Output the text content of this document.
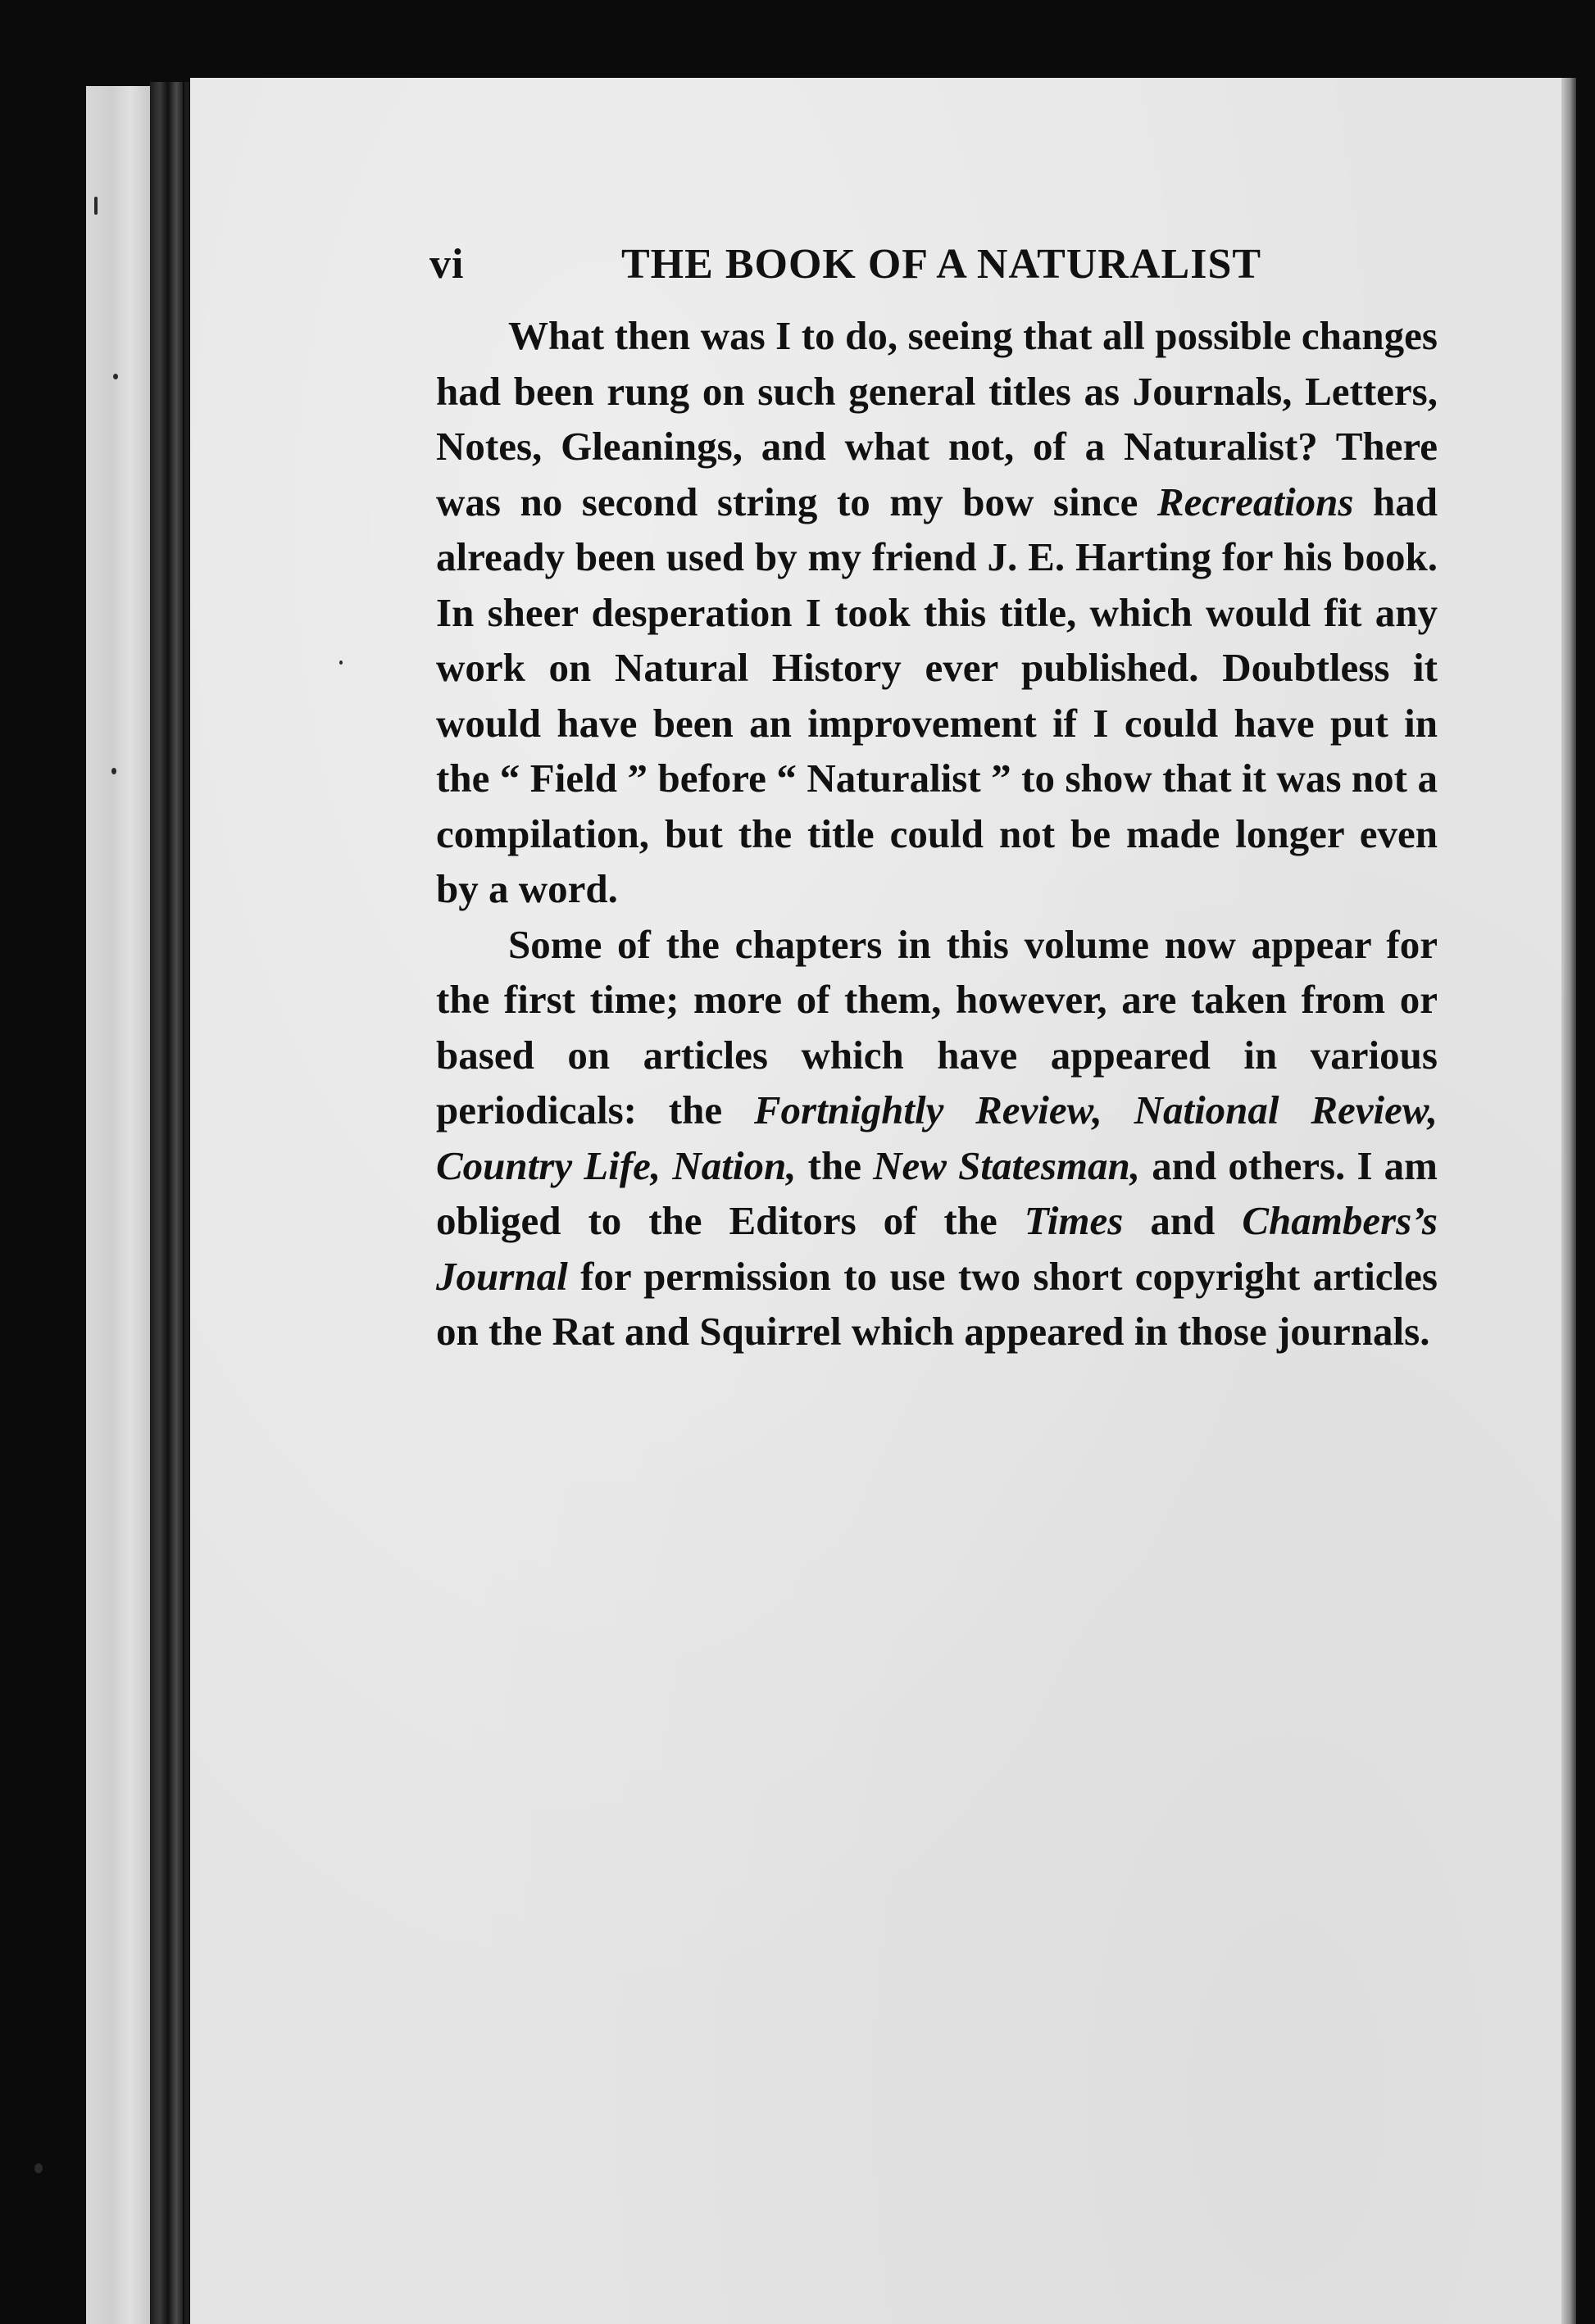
vi	THE BOOK OF A NATURALIST

What then was I to do, seeing that all possible changes had been rung on such general titles as Journals, Letters, Notes, Gleanings, and what not, of a Naturalist? There was no second string to my bow since Recreations had already been used by my friend J. E. Harting for his book. In sheer desperation I took this title, which would fit any work on Natural History ever published. Doubtless it would have been an improvement if I could have put in the “ Field ” before “ Naturalist ” to show that it was not a compilation, but the title could not be made longer even by a word.

Some of the chapters in this volume now appear for the first time; more of them, however, are taken from or based on articles which have appeared in various periodicals: the Fortnightly Review, National Review, Country Life, Nation, the New Statesman, and others. I am obliged to the Editors of the Times and Chambers’s Journal for permission to use two short copyright articles on the Rat and Squirrel which appeared in those journals.
